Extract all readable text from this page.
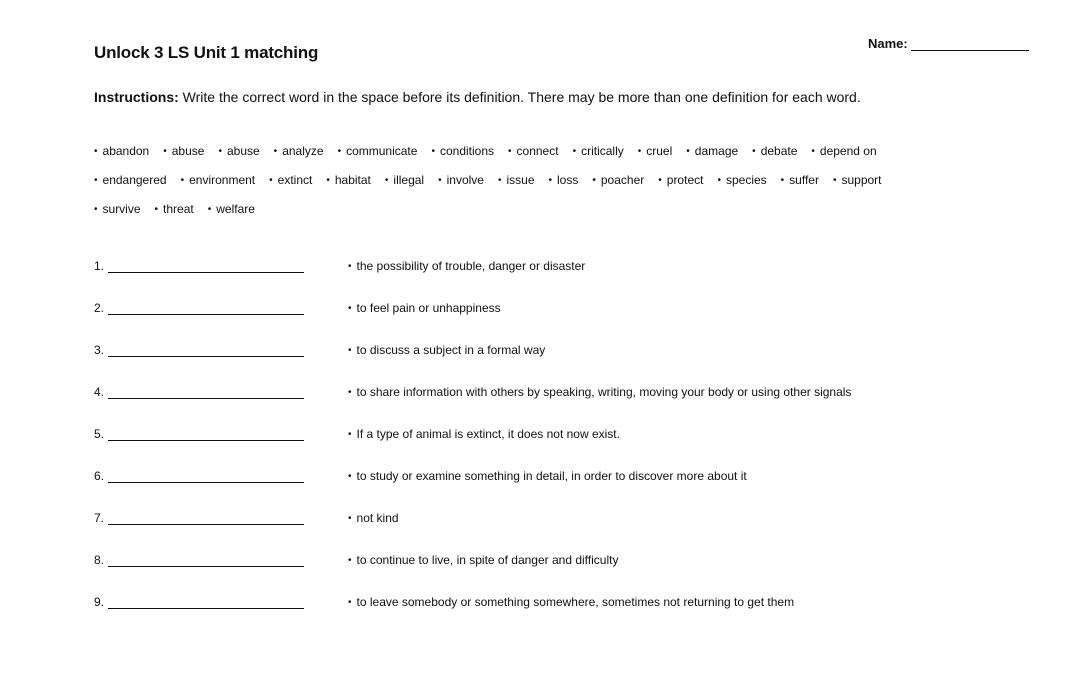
Unlock 3 LS Unit 1 matching	Name:
Instructions: Write the correct word in the space before its definition. There may be more than one definition for each word.
• abandon • abuse • abuse • analyze • communicate • conditions • connect • critically • cruel • damage • debate • depend on
• endangered • environment • extinct • habitat • illegal • involve • issue • loss • poacher • protect • species • suffer • support
• survive • threat • welfare
1.	• the possibility of trouble, danger or disaster
2.	• to feel pain or unhappiness
3.	• to discuss a subject in a formal way
4.	• to share information with others by speaking, writing, moving your body or using other signals
5.	• If a type of animal is extinct, it does not now exist.
6.	• to study or examine something in detail, in order to discover more about it
7.	• not kind
8.	• to continue to live, in spite of danger and difficulty
9.	• to leave somebody or something somewhere, sometimes not returning to get them
